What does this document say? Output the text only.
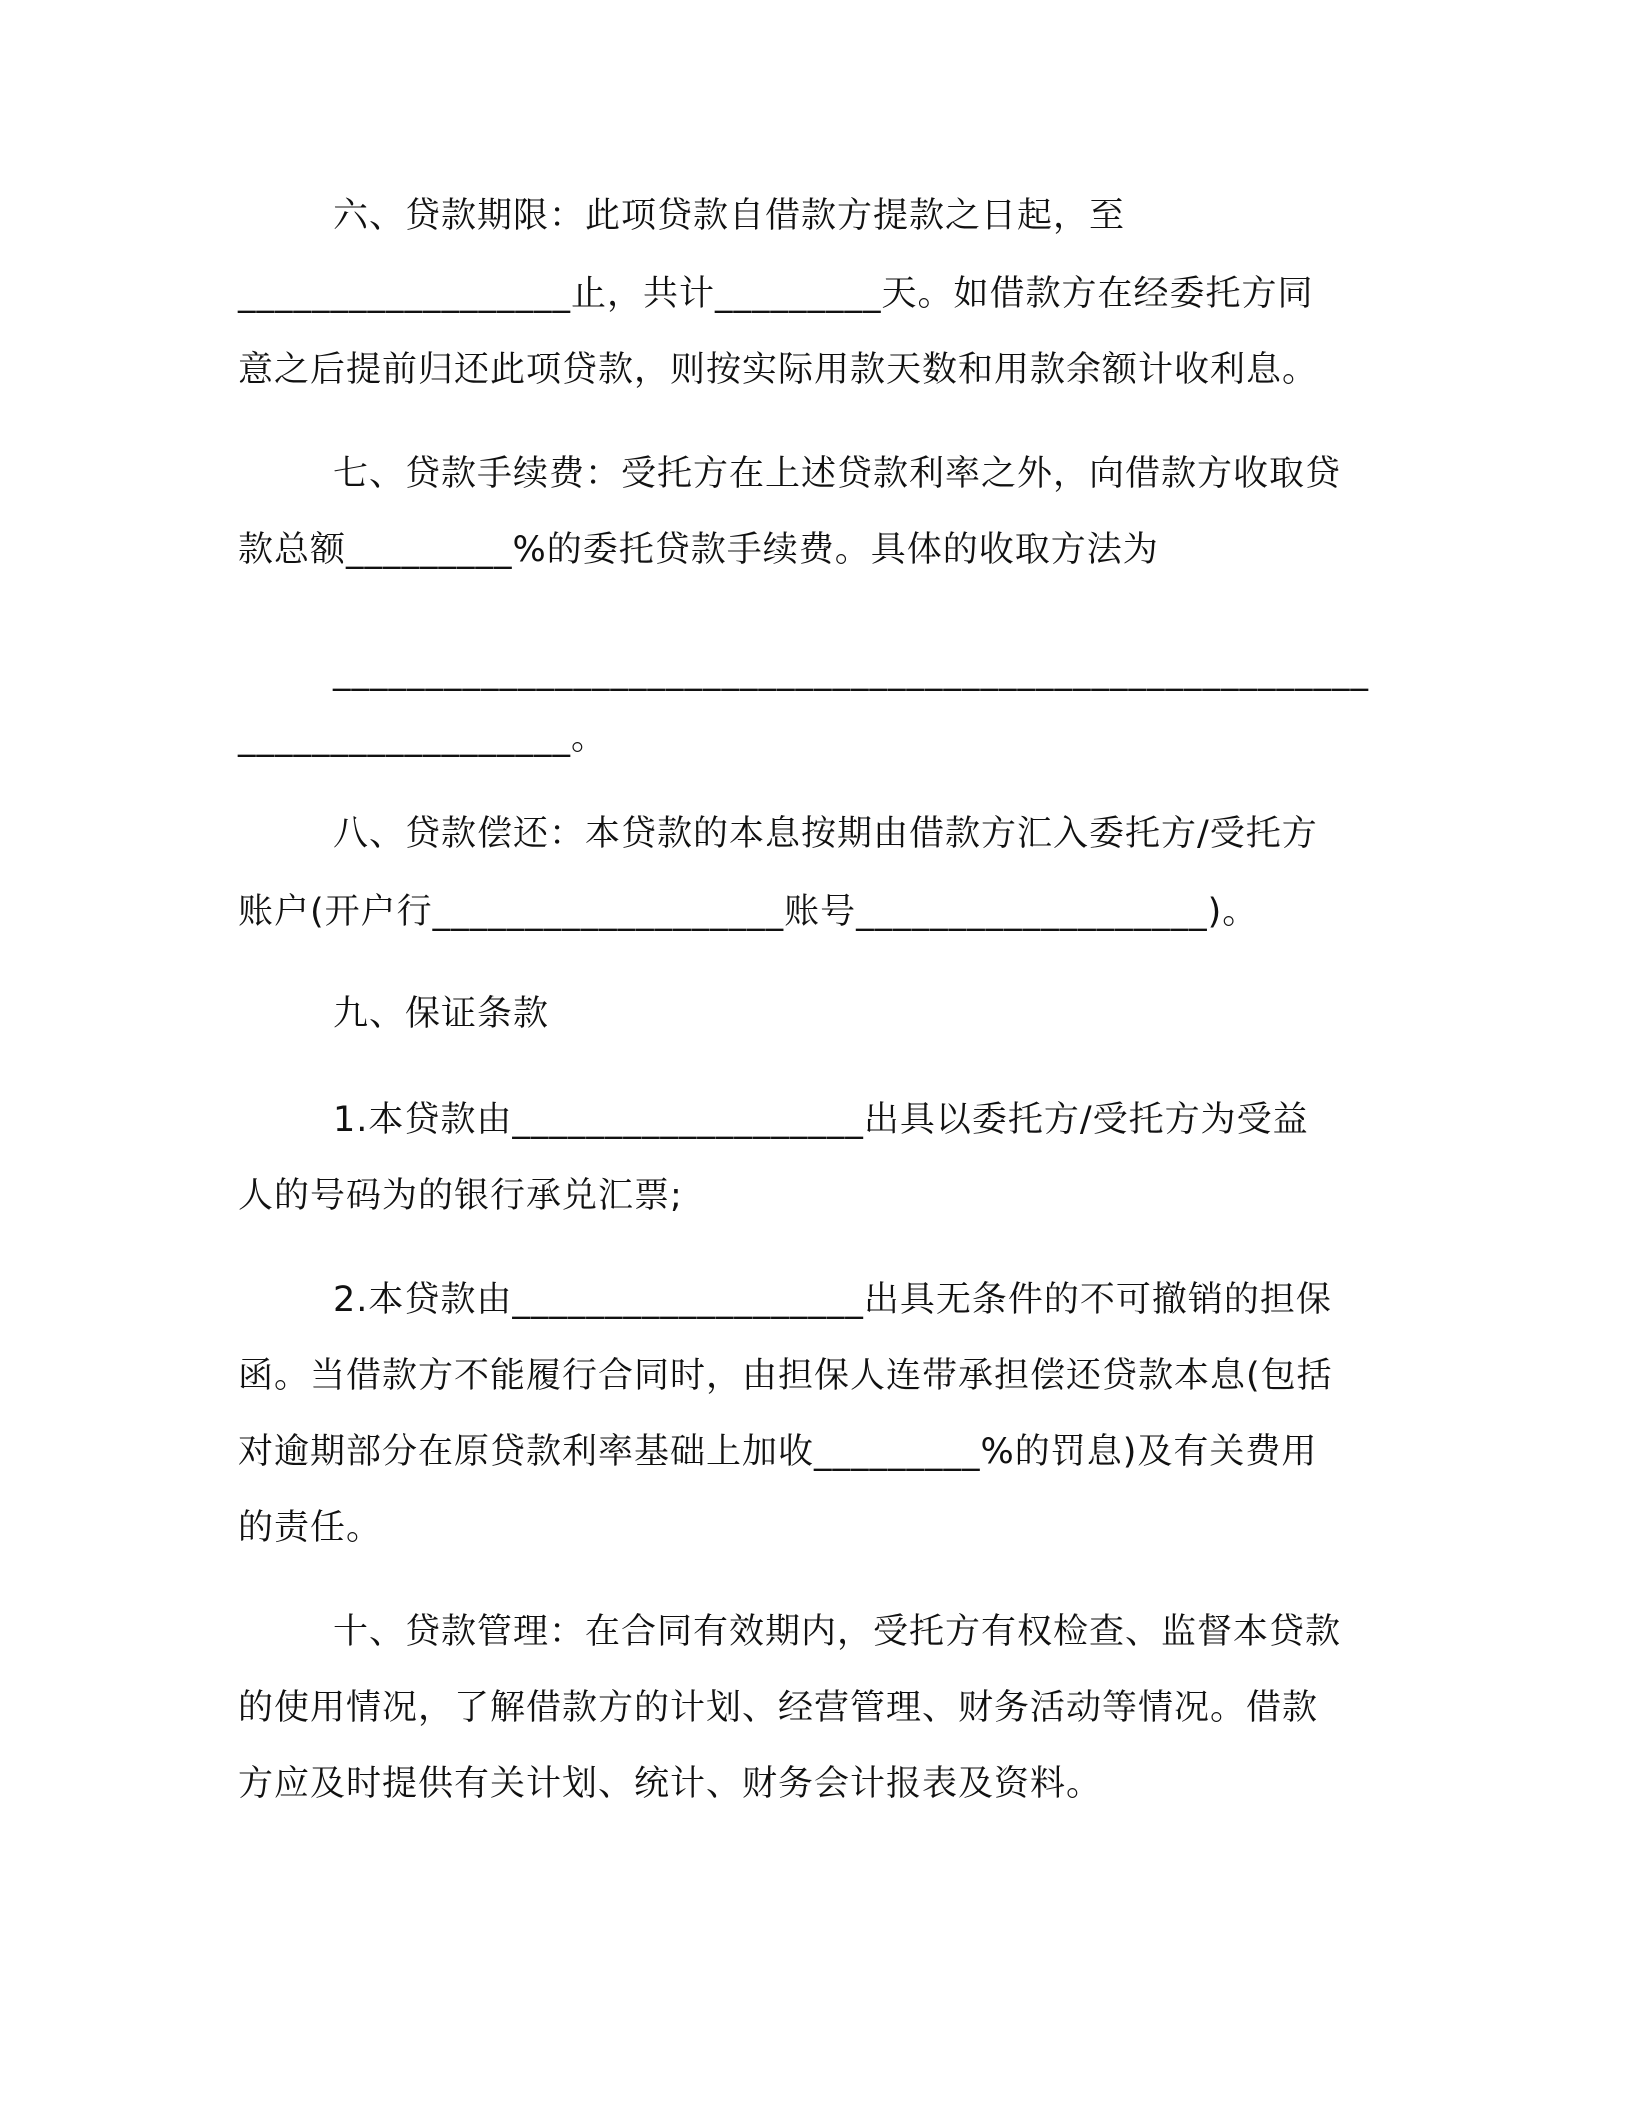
六、贷款期限：此项贷款自借款方提款之日起，至
__________________止，共计_________天。如借款方在经委托方同
意之后提前归还此项贷款，则按实际用款天数和用款余额计收利息。
七、贷款手续费：受托方在上述贷款利率之外，向借款方收取贷
款总额_________%的委托贷款手续费。具体的收取方法为
________________________________________________________
__________________。
八、贷款偿还：本贷款的本息按期由借款方汇入委托方/受托方
账户(开户行___________________账号___________________)。
九、保证条款
1.本贷款由___________________出具以委托方/受托方为受益
人的号码为的银行承兑汇票;
2.本贷款由___________________出具无条件的不可撤销的担保
函。当借款方不能履行合同时，由担保人连带承担偿还贷款本息(包括
对逾期部分在原贷款利率基础上加收_________%的罚息)及有关费用
的责任。
十、贷款管理：在合同有效期内，受托方有权检查、监督本贷款
的使用情况，了解借款方的计划、经营管理、财务活动等情况。借款
方应及时提供有关计划、统计、财务会计报表及资料。
